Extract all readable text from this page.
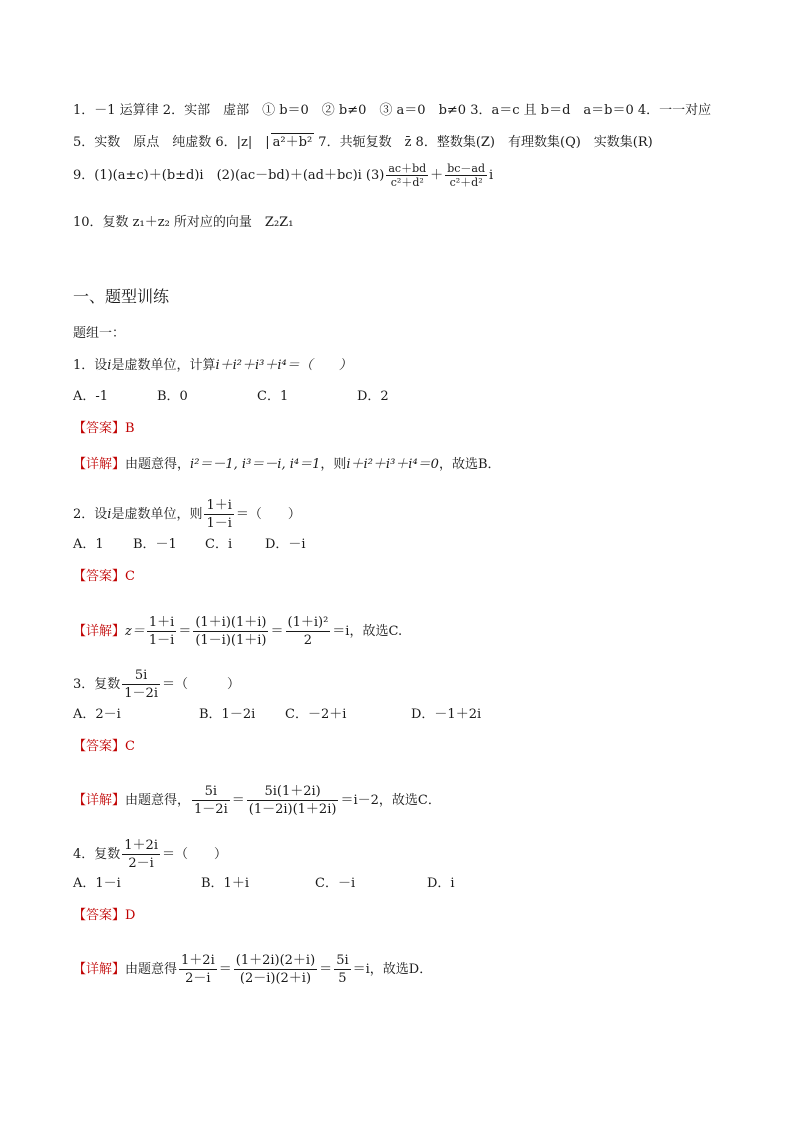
1．－1 运算律 2．实部　虚部　① b＝0　② b≠0　③ a＝0　b≠0 3．a＝c 且 b＝d　a＝b＝0 4．一一对应
5．实数　原点　纯虚数 6．|z|　| a²＋b² 7．共轭复数　z̄ 8．整数集(Z)　有理数集(Q)　实数集(R)
9．(1)(a±c)＋(b±d)i　(2)(ac－bd)＋(ad＋bc)i $(3) \frac{ac+bd}{\text{c²＋d²}} + \frac{bc-ad}{\text{c²＋d²}}$ i
10．复数 z₁＋z₂ 所对应的向量　Z₂Z₁
一、题型训练
题组一：
1．设i是虚数单位，计算i＋i²＋i³＋i⁴＝（　　）
A．-1	B．0	C．1	D．2
【答案】B
【详解】由题意得，i²＝－1, i³＝－i, i⁴＝1，则i＋i²＋i³＋i⁴＝0，故选B．
2．设i是虚数单位，则 $\frac{1+i}{1-i}$ ＝（　　）
A．1 B．－1 C．i	D．－i
【答案】C
【详解】$z= \frac{1+i}{1-i} = \frac{(1+i)(1+i)}{(1-i)(1+i)} = \frac{\text{(1＋i)²}}{2} =i$，故选C.
3．复数 $\frac{5i}{1-2i}$ ＝（　　　）
A．2－i	B．1－2i C．－2＋i	D．－1＋2i
【答案】C
【详解】由题意得， $\frac{5i}{1-2i} = \frac{5i(1+2i)}{(1-2i)(1+2i)} =i-2$，故选C．
4．复数 $\frac{1+2i}{2-i}$ ＝（　　）
A．1－i	B．1＋i	C．－i	D．i
【答案】D
【详解】由题意得 $\frac{1+2i}{2-i} = \frac{(1+2i)(2+i)}{(2-i)(2+i)} = \frac{5i}{5} =i$，故选D．
